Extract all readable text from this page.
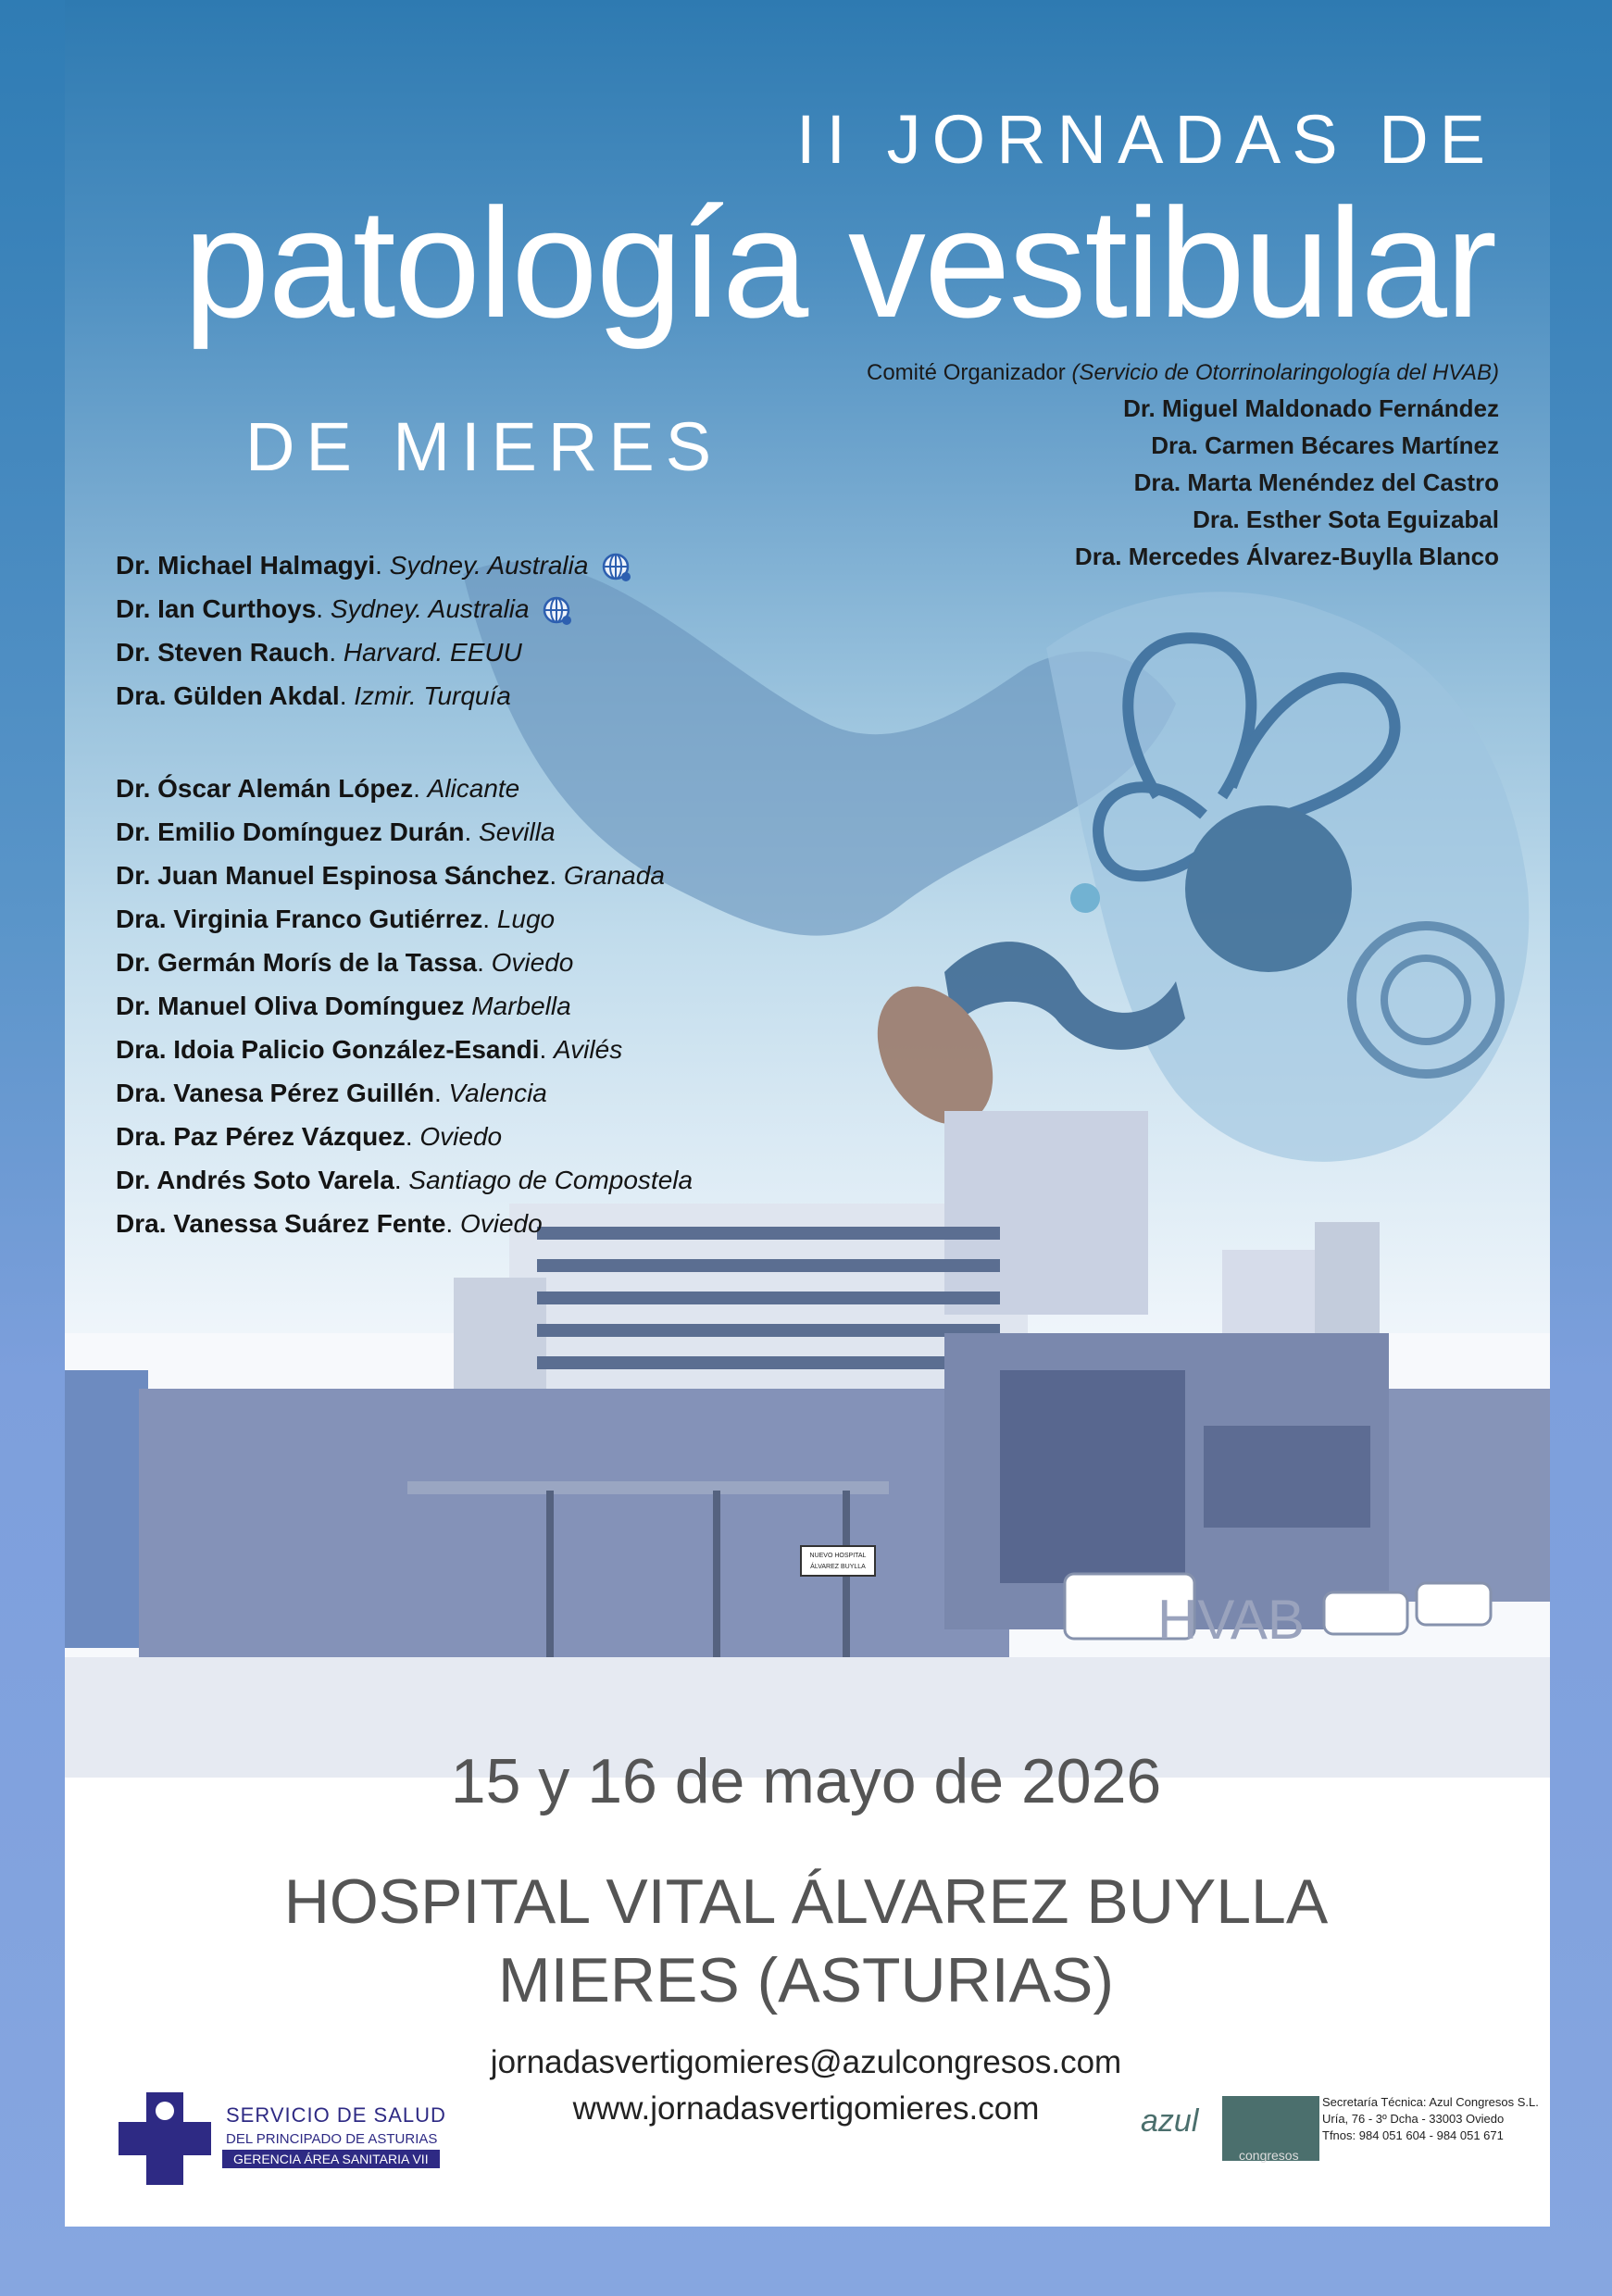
NUEVO HOSPITAL
ÁLVAREZ BUYLLA
HVAB
II JORNADAS DE
patología vestibular
DE MIERES
Comité Organizador (Servicio de Otorrinolaringología del HVAB)
Dr. Miguel Maldonado Fernández
Dra. Carmen Bécares Martínez
Dra. Marta Menéndez del Castro
Dra. Esther Sota Eguizabal
Dra. Mercedes Álvarez-Buylla Blanco
Dr. Michael Halmagyi. Sydney. Australia
Dr. Ian Curthoys. Sydney. Australia
Dr. Steven Rauch. Harvard. EEUU
Dra. Gülden Akdal. Izmir. Turquía
Dr. Óscar Alemán López. Alicante
Dr. Emilio Domínguez Durán. Sevilla
Dr. Juan Manuel Espinosa Sánchez. Granada
Dra. Virginia Franco Gutiérrez. Lugo
Dr. Germán Morís de la Tassa. Oviedo
Dr. Manuel Oliva Domínguez Marbella
Dra. Idoia Palicio González-Esandi. Avilés
Dra. Vanesa Pérez Guillén. Valencia
Dra. Paz Pérez Vázquez. Oviedo
Dr. Andrés Soto Varela. Santiago de Compostela
Dra. Vanessa Suárez Fente. Oviedo
15 y 16 de mayo de 2026
HOSPITAL VITAL ÁLVAREZ BUYLLA
MIERES (ASTURIAS)
jornadasvertigomieres@azulcongresos.com
www.jornadasvertigomieres.com
SERVICIO DE SALUD
DEL PRINCIPADO DE ASTURIAS
GERENCIA ÁREA SANITARIA VII
azul
congresos
Secretaría Técnica: Azul Congresos S.L.
Uría, 76 - 3º Dcha - 33003 Oviedo
Tfnos: 984 051 604 - 984 051 671
